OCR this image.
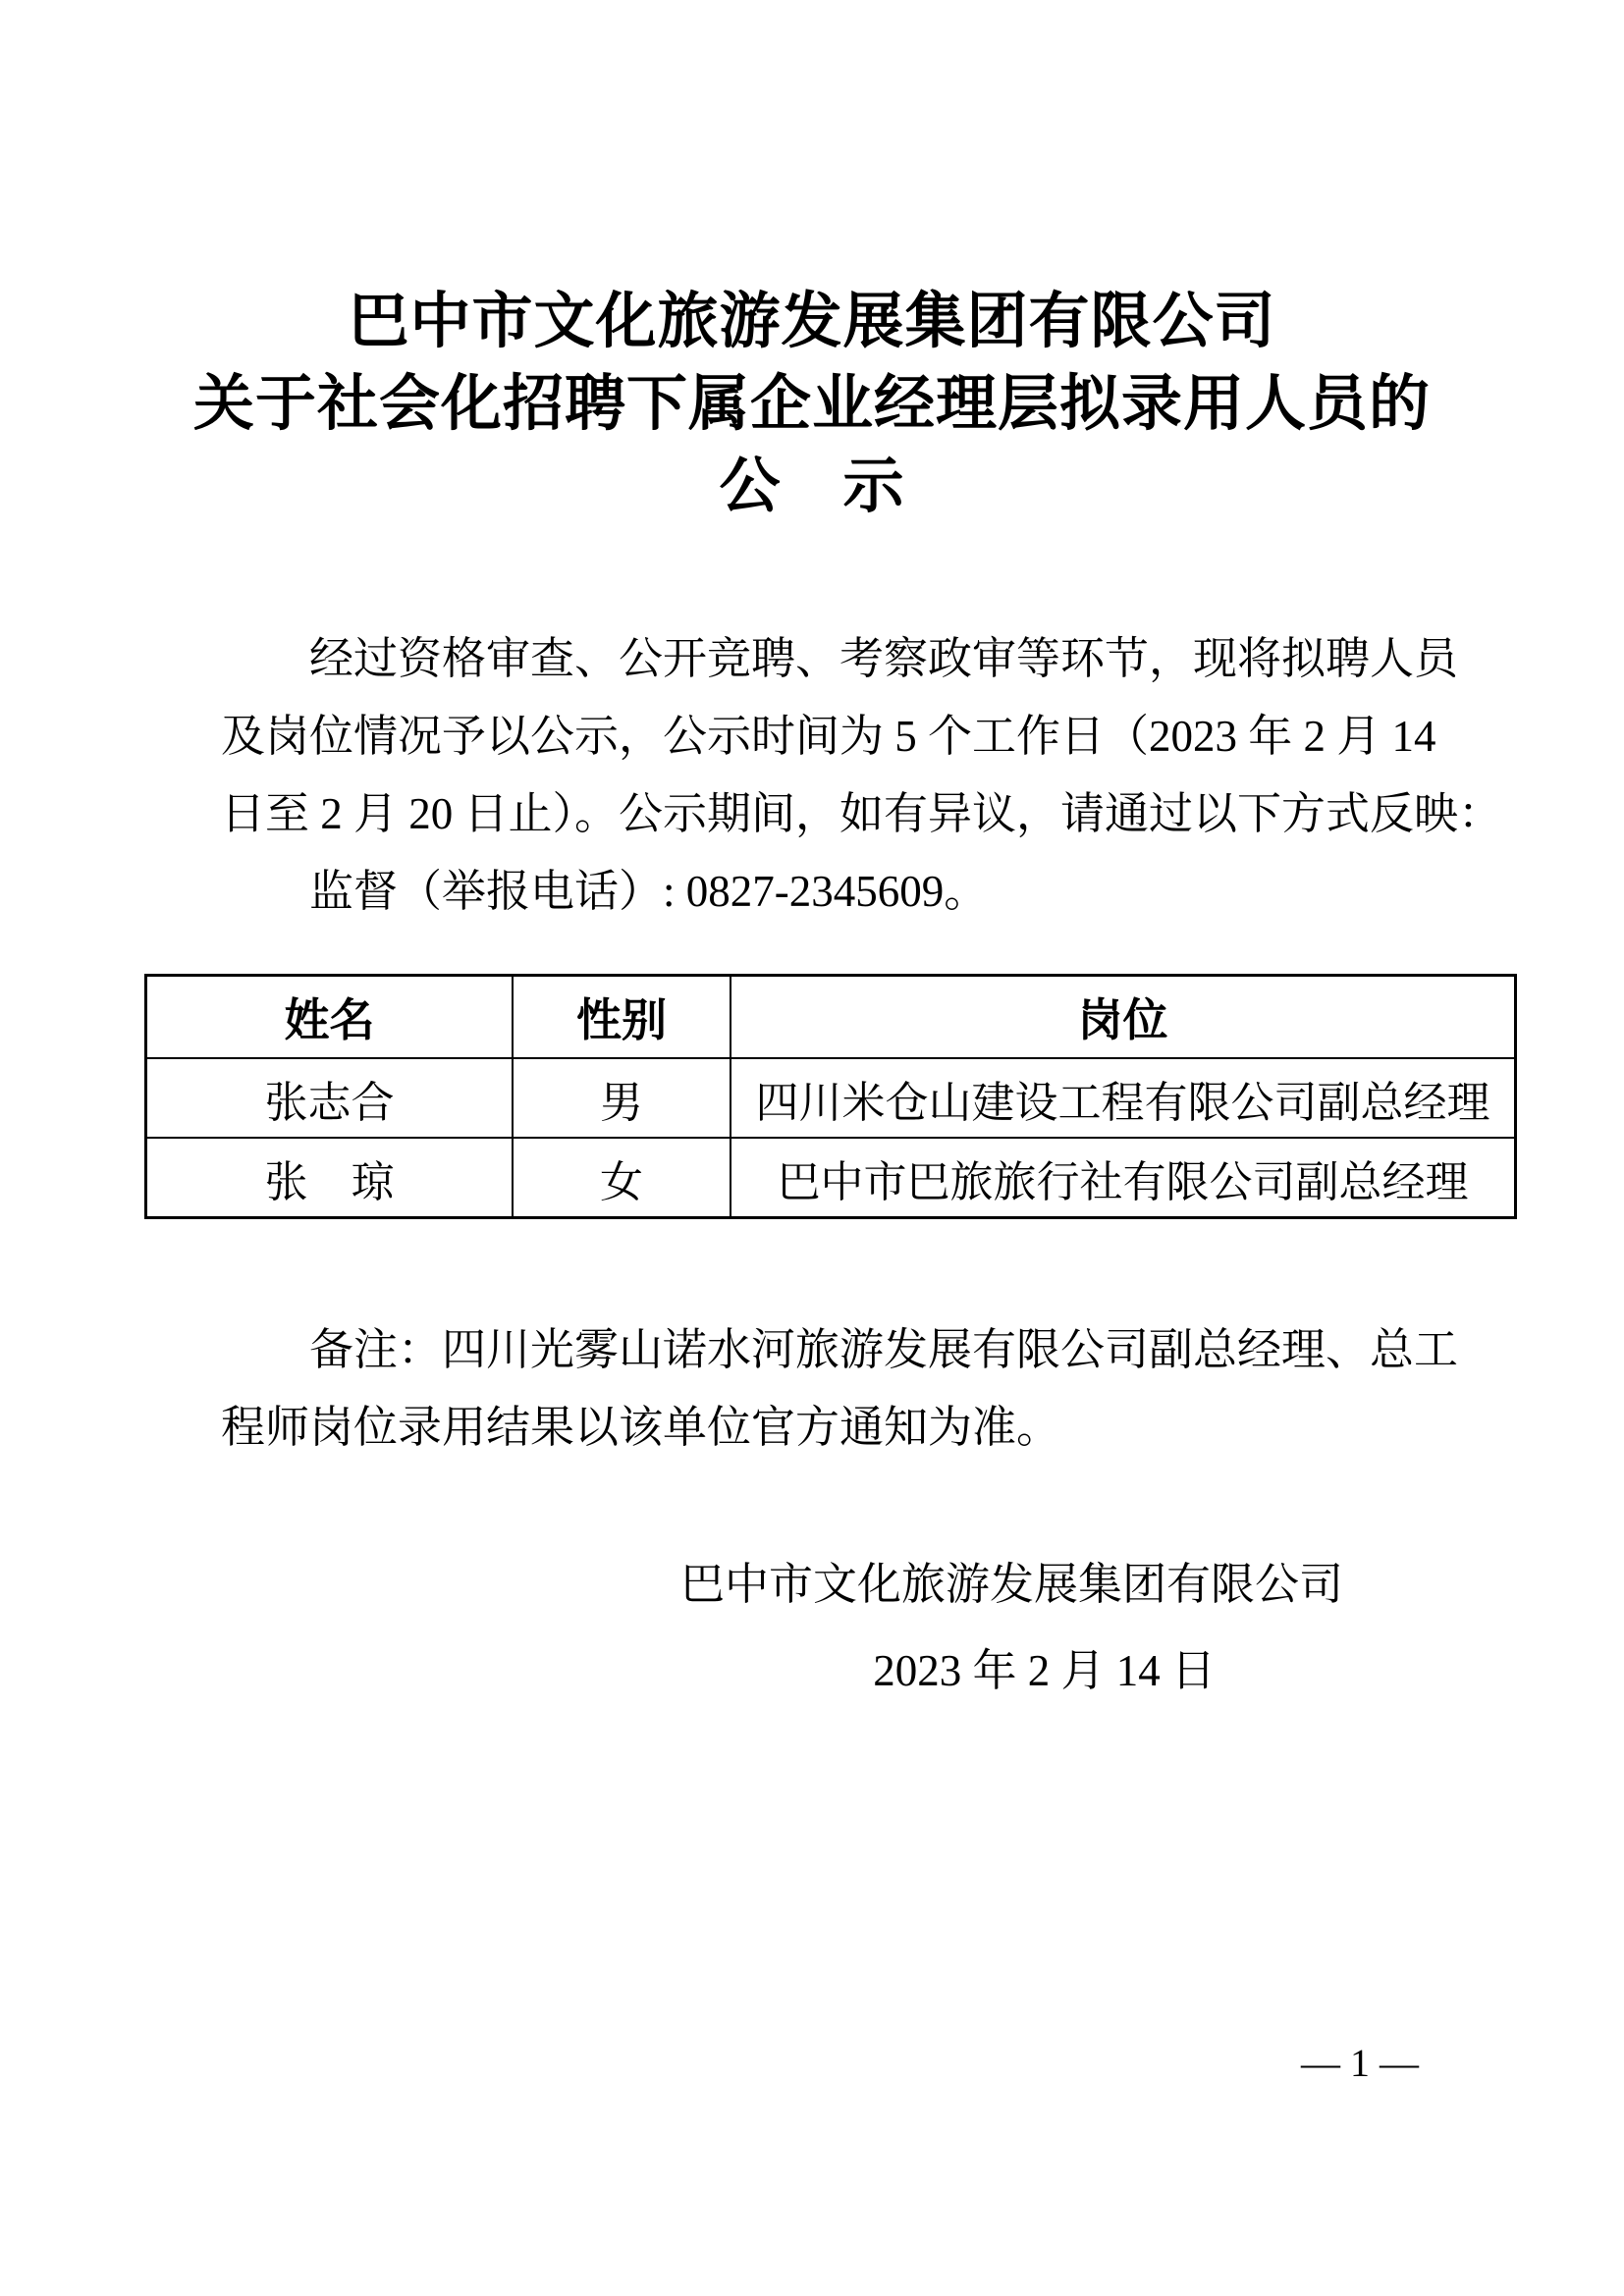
巴中市文化旅游发展集团有限公司
关于社会化招聘下属企业经理层拟录用人员的
公　示
经过资格审查、公开竞聘、考察政审等环节，现将拟聘人员
及岗位情况予以公示，公示时间为 5 个工作日（2023 年 2 月 14
日至 2 月 20 日止）。公示期间，如有异议，请通过以下方式反映：
监督（举报电话）: 0827-2345609。
姓名	性别	岗位
张志合	男	四川米仓山建设工程有限公司副总经理
张　琼	女	巴中市巴旅旅行社有限公司副总经理
备注：四川光雾山诺水河旅游发展有限公司副总经理、总工
程师岗位录用结果以该单位官方通知为准。
巴中市文化旅游发展集团有限公司
2023 年 2 月 14 日
— 1 —
